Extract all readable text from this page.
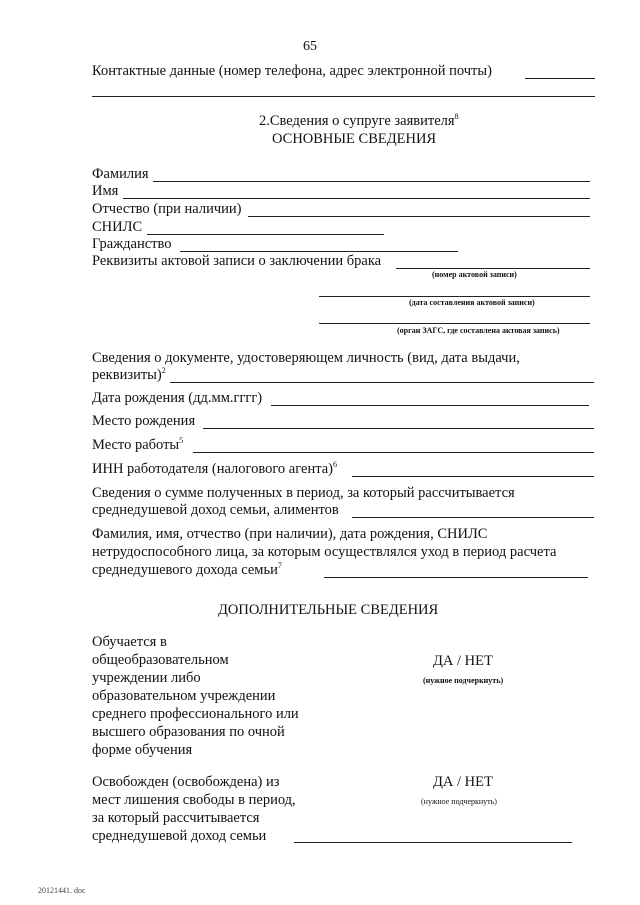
65
Контактные данные (номер телефона, адрес электронной почты)
2.Сведения о супруге заявителя$^8$
ОСНОВНЫЕ СВЕДЕНИЯ
Фамилия
Имя
Отчество (при наличии)
СНИЛС
Гражданство
Реквизиты актовой записи о заключении брака
(номер актовой записи)
(дата составления актовой записи)
(орган ЗАГС, где составлена актовая запись)
Сведения о документе, удостоверяющем личность (вид, дата выдачи,
реквизиты)$^2$
Дата рождения (дд.мм.гггг)
Место рождения
Место работы$^5$
ИНН работодателя (налогового агента)$^6$
Сведения о сумме полученных в период, за который рассчитывается
среднедушевой доход семьи, алиментов
Фамилия, имя, отчество (при наличии), дата рождения, СНИЛС
нетрудоспособного лица, за которым осуществлялся уход в период расчета
среднедушевого дохода семьи$^7$
ДОПОЛНИТЕЛЬНЫЕ СВЕДЕНИЯ
Обучается в
общеобразовательном
учреждении либо
образовательном учреждении
среднего профессионального или
высшего образования по очной
форме обучения
ДА / НЕТ
(нужное подчеркнуть)
Освобожден (освобождена) из
мест лишения свободы в период,
за который рассчитывается
среднедушевой доход семьи
ДА / НЕТ
(нужное подчеркнуть)
20121441. doc
